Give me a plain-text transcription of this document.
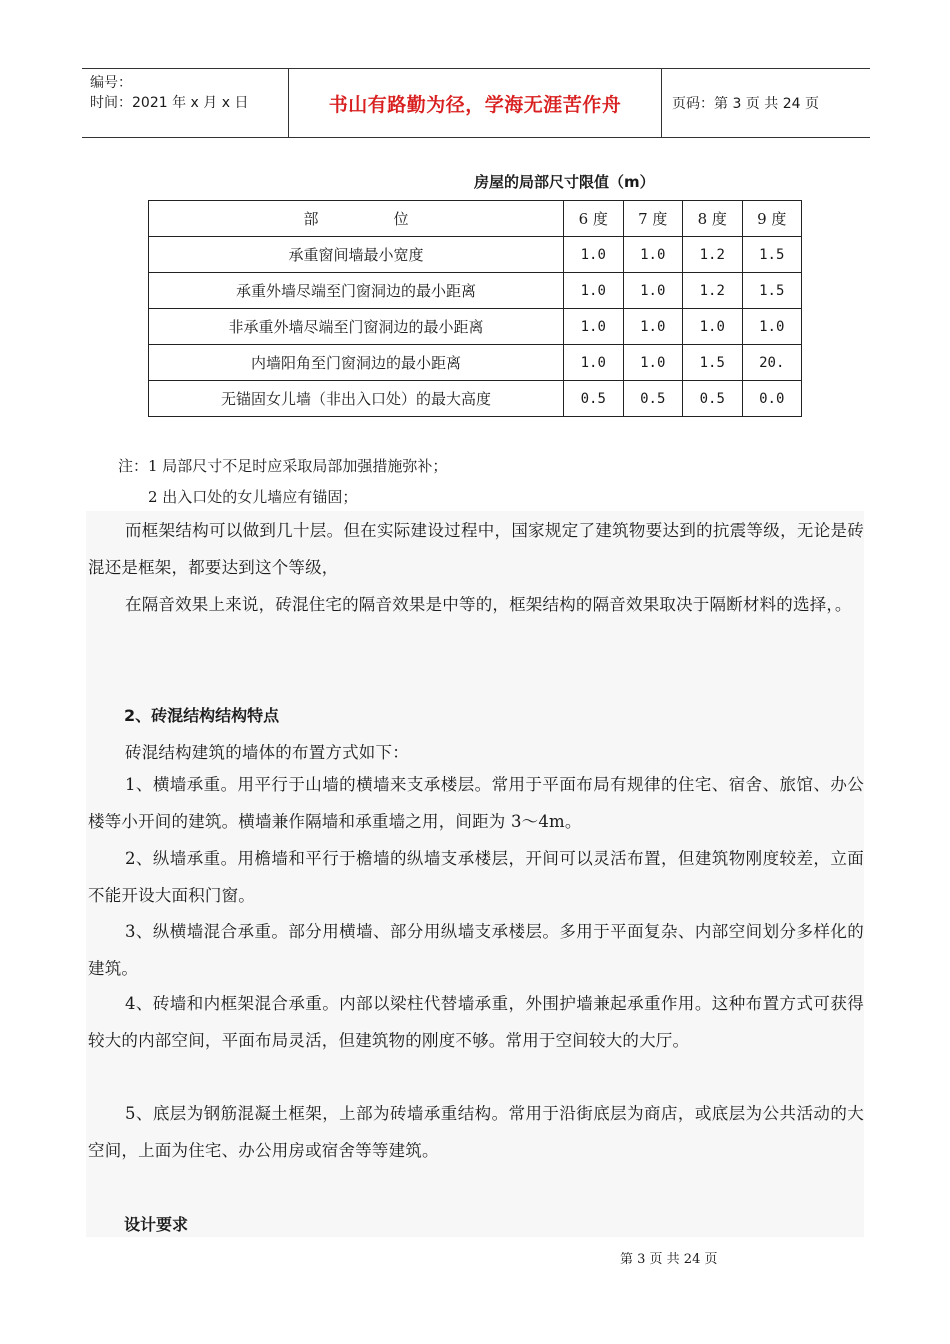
编号：
时间：2021 年 x 月 x 日	书山有路勤为径，学海无涯苦作舟	页码：第 3 页 共 24 页
房屋的局部尺寸限值（m）
部　　　　　位	6 度	7 度	8 度	9 度
承重窗间墙最小宽度	1.0	1.0	1.2	1.5
承重外墙尽端至门窗洞边的最小距离	1.0	1.0	1.2	1.5
非承重外墙尽端至门窗洞边的最小距离	1.0	1.0	1.0	1.0
内墙阳角至门窗洞边的最小距离	1.0	1.0	1.5	20.
无锚固女儿墙（非出入口处）的最大高度	0.5	0.5	0.5	0.0
注：1 局部尺寸不足时应采取局部加强措施弥补；
2 出入口处的女儿墙应有锚固；
而框架结构可以做到几十层。但在实际建设过程中，国家规定了建筑物要达到的抗震等级，无论是砖混还是框架，都要达到这个等级，
在隔音效果上来说，砖混住宅的隔音效果是中等的，框架结构的隔音效果取决于隔断材料的选择，。
2、砖混结构结构特点
砖混结构建筑的墙体的布置方式如下：
1、横墙承重。用平行于山墙的横墙来支承楼层。常用于平面布局有规律的住宅、宿舍、旅馆、办公楼等小开间的建筑。横墙兼作隔墙和承重墙之用，间距为 3～4m。
2、纵墙承重。用檐墙和平行于檐墙的纵墙支承楼层，开间可以灵活布置，但建筑物刚度较差，立面不能开设大面积门窗。
3、纵横墙混合承重。部分用横墙、部分用纵墙支承楼层。多用于平面复杂、内部空间划分多样化的建筑。
4、砖墙和内框架混合承重。内部以梁柱代替墙承重，外围护墙兼起承重作用。这种布置方式可获得较大的内部空间，平面布局灵活，但建筑物的刚度不够。常用于空间较大的大厅。
5、底层为钢筋混凝土框架，上部为砖墙承重结构。常用于沿街底层为商店，或底层为公共活动的大空间，上面为住宅、办公用房或宿舍等等建筑。
设计要求
第 3 页 共 24 页
